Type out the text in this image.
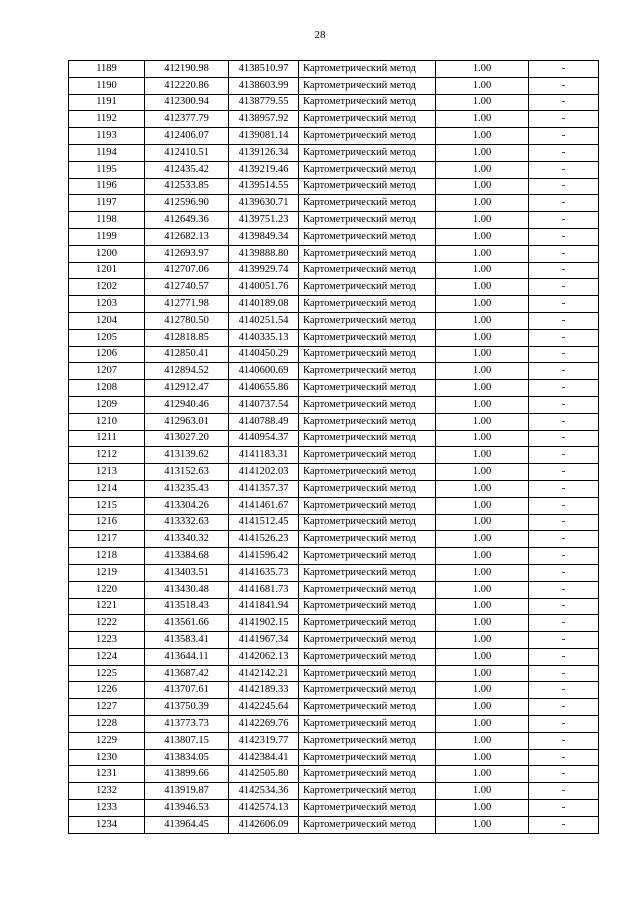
28
1189	412190.98	4138510.97	Картометрический метод	1.00	-
1190	412220.86	4138603.99	Картометрический метод	1.00	-
1191	412300.94	4138779.55	Картометрический метод	1.00	-
1192	412377.79	4138957.92	Картометрический метод	1.00	-
1193	412406.07	4139081.14	Картометрический метод	1.00	-
1194	412410.51	4139126.34	Картометрический метод	1.00	-
1195	412435.42	4139219.46	Картометрический метод	1.00	-
1196	412533.85	4139514.55	Картометрический метод	1.00	-
1197	412596.90	4139630.71	Картометрический метод	1.00	-
1198	412649.36	4139751.23	Картометрический метод	1.00	-
1199	412682.13	4139849.34	Картометрический метод	1.00	-
1200	412693.97	4139888.80	Картометрический метод	1.00	-
1201	412707.06	4139929.74	Картометрический метод	1.00	-
1202	412740.57	4140051.76	Картометрический метод	1.00	-
1203	412771.98	4140189.08	Картометрический метод	1.00	-
1204	412780.50	4140251.54	Картометрический метод	1.00	-
1205	412818.85	4140335.13	Картометрический метод	1.00	-
1206	412850.41	4140450.29	Картометрический метод	1.00	-
1207	412894.52	4140600.69	Картометрический метод	1.00	-
1208	412912.47	4140655.86	Картометрический метод	1.00	-
1209	412940.46	4140737.54	Картометрический метод	1.00	-
1210	412963.01	4140788.49	Картометрический метод	1.00	-
1211	413027.20	4140954.37	Картометрический метод	1.00	-
1212	413139.62	4141183.31	Картометрический метод	1.00	-
1213	413152.63	4141202.03	Картометрический метод	1.00	-
1214	413235.43	4141357.37	Картометрический метод	1.00	-
1215	413304.26	4141461.67	Картометрический метод	1.00	-
1216	413332.63	4141512.45	Картометрический метод	1.00	-
1217	413340.32	4141526.23	Картометрический метод	1.00	-
1218	413384.68	4141596.42	Картометрический метод	1.00	-
1219	413403.51	4141635.73	Картометрический метод	1.00	-
1220	413430.48	4141681.73	Картометрический метод	1.00	-
1221	413518.43	4141841.94	Картометрический метод	1.00	-
1222	413561.66	4141902.15	Картометрический метод	1.00	-
1223	413583.41	4141967.34	Картометрический метод	1.00	-
1224	413644.11	4142062.13	Картометрический метод	1.00	-
1225	413687.42	4142142.21	Картометрический метод	1.00	-
1226	413707.61	4142189.33	Картометрический метод	1.00	-
1227	413750.39	4142245.64	Картометрический метод	1.00	-
1228	413773.73	4142269.76	Картометрический метод	1.00	-
1229	413807.15	4142319.77	Картометрический метод	1.00	-
1230	413834.05	4142384.41	Картометрический метод	1.00	-
1231	413899.66	4142505.80	Картометрический метод	1.00	-
1232	413919.87	4142534.36	Картометрический метод	1.00	-
1233	413946.53	4142574.13	Картометрический метод	1.00	-
1234	413964.45	4142606.09	Картометрический метод	1.00	-
